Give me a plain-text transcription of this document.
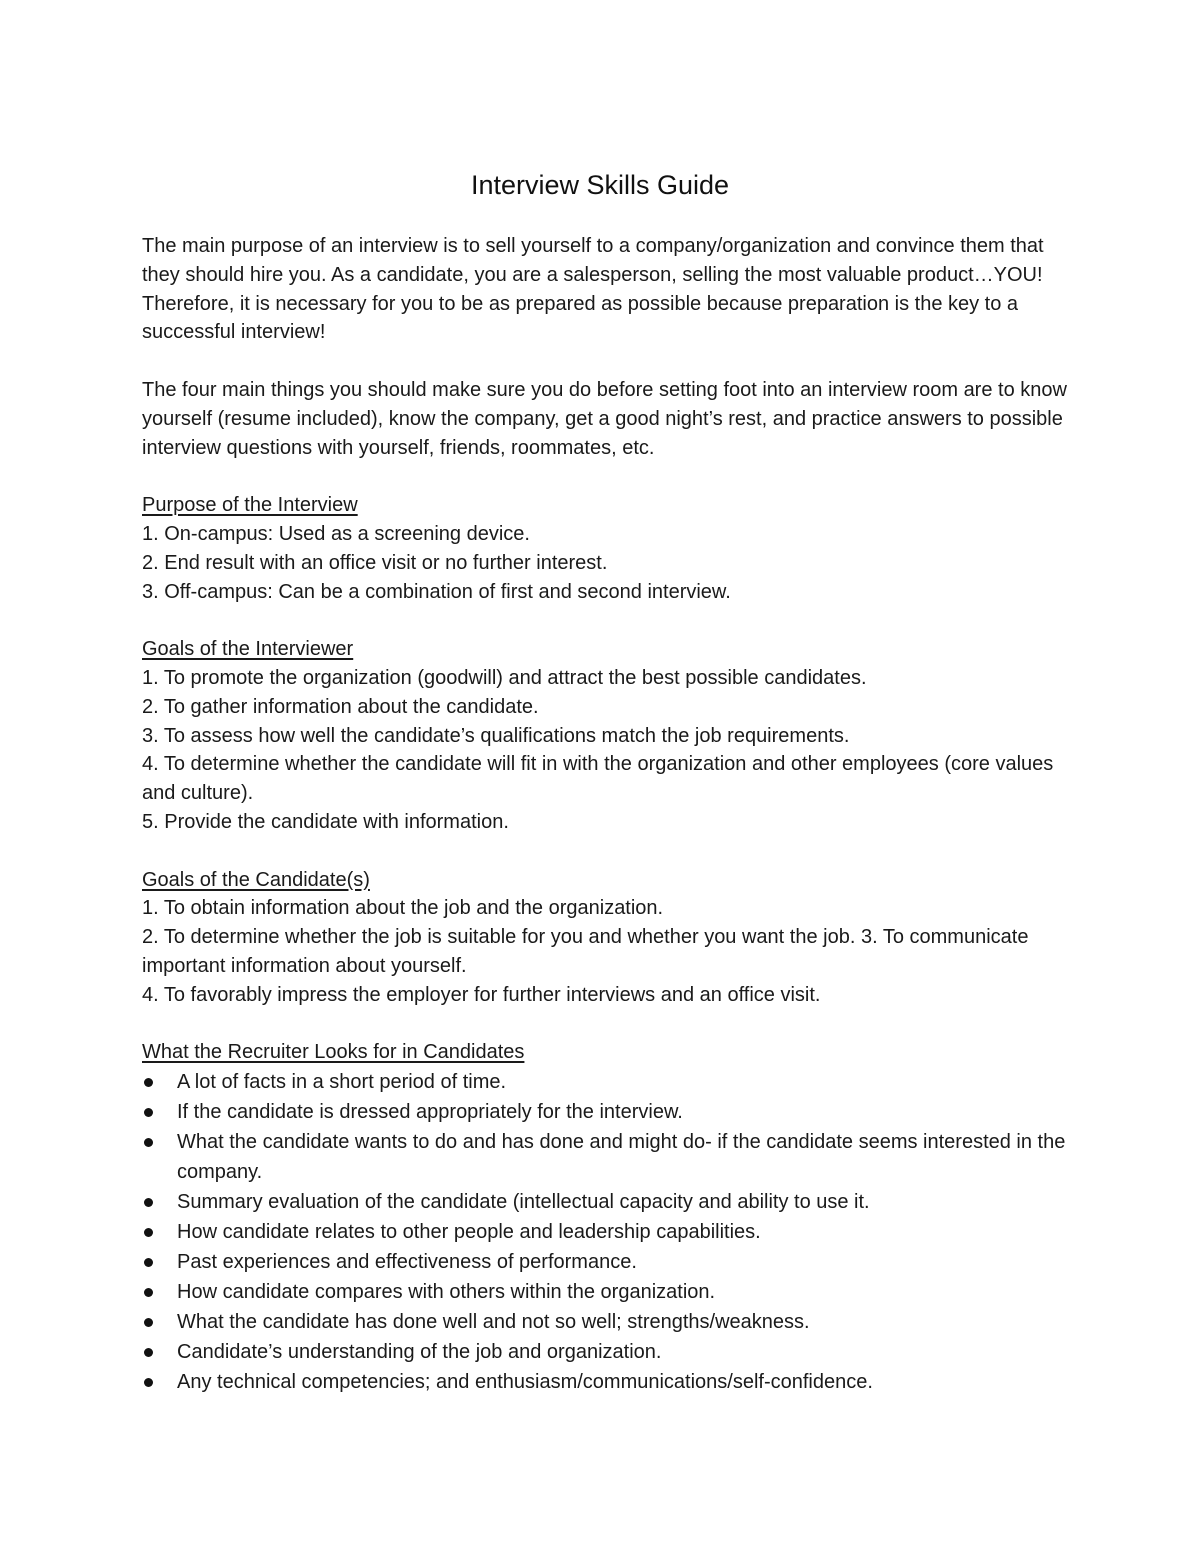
Interview Skills Guide

The main purpose of an interview is to sell yourself to a company/organization and convince them that they should hire you. As a candidate, you are a salesperson, selling the most valuable product…YOU! Therefore, it is necessary for you to be as prepared as possible because preparation is the key to a successful interview!

The four main things you should make sure you do before setting foot into an interview room are to know yourself (resume included), know the company, get a good night’s rest, and practice answers to possible interview questions with yourself, friends, roommates, etc.

Purpose of the Interview

1. On-campus: Used as a screening device.

2. End result with an office visit or no further interest.

3. Off-campus: Can be a combination of first and second interview.

Goals of the Interviewer

1. To promote the organization (goodwill) and attract the best possible candidates.

2. To gather information about the candidate.

3. To assess how well the candidate’s qualifications match the job requirements.

4. To determine whether the candidate will fit in with the organization and other employees (core values and culture).

5. Provide the candidate with information.

Goals of the Candidate(s)

1. To obtain information about the job and the organization.

2. To determine whether the job is suitable for you and whether you want the job. 3. To communicate important information about yourself.

4. To favorably impress the employer for further interviews and an office visit.

What the Recruiter Looks for in Candidates

A lot of facts in a short period of time.
If the candidate is dressed appropriately for the interview.
What the candidate wants to do and has done and might do- if the candidate seems interested in the company.
Summary evaluation of the candidate (intellectual capacity and ability to use it.
How candidate relates to other people and leadership capabilities.
Past experiences and effectiveness of performance.
How candidate compares with others within the organization.
What the candidate has done well and not so well; strengths/weakness.
Candidate’s understanding of the job and organization.
Any technical competencies; and enthusiasm/communications/self-confidence.
